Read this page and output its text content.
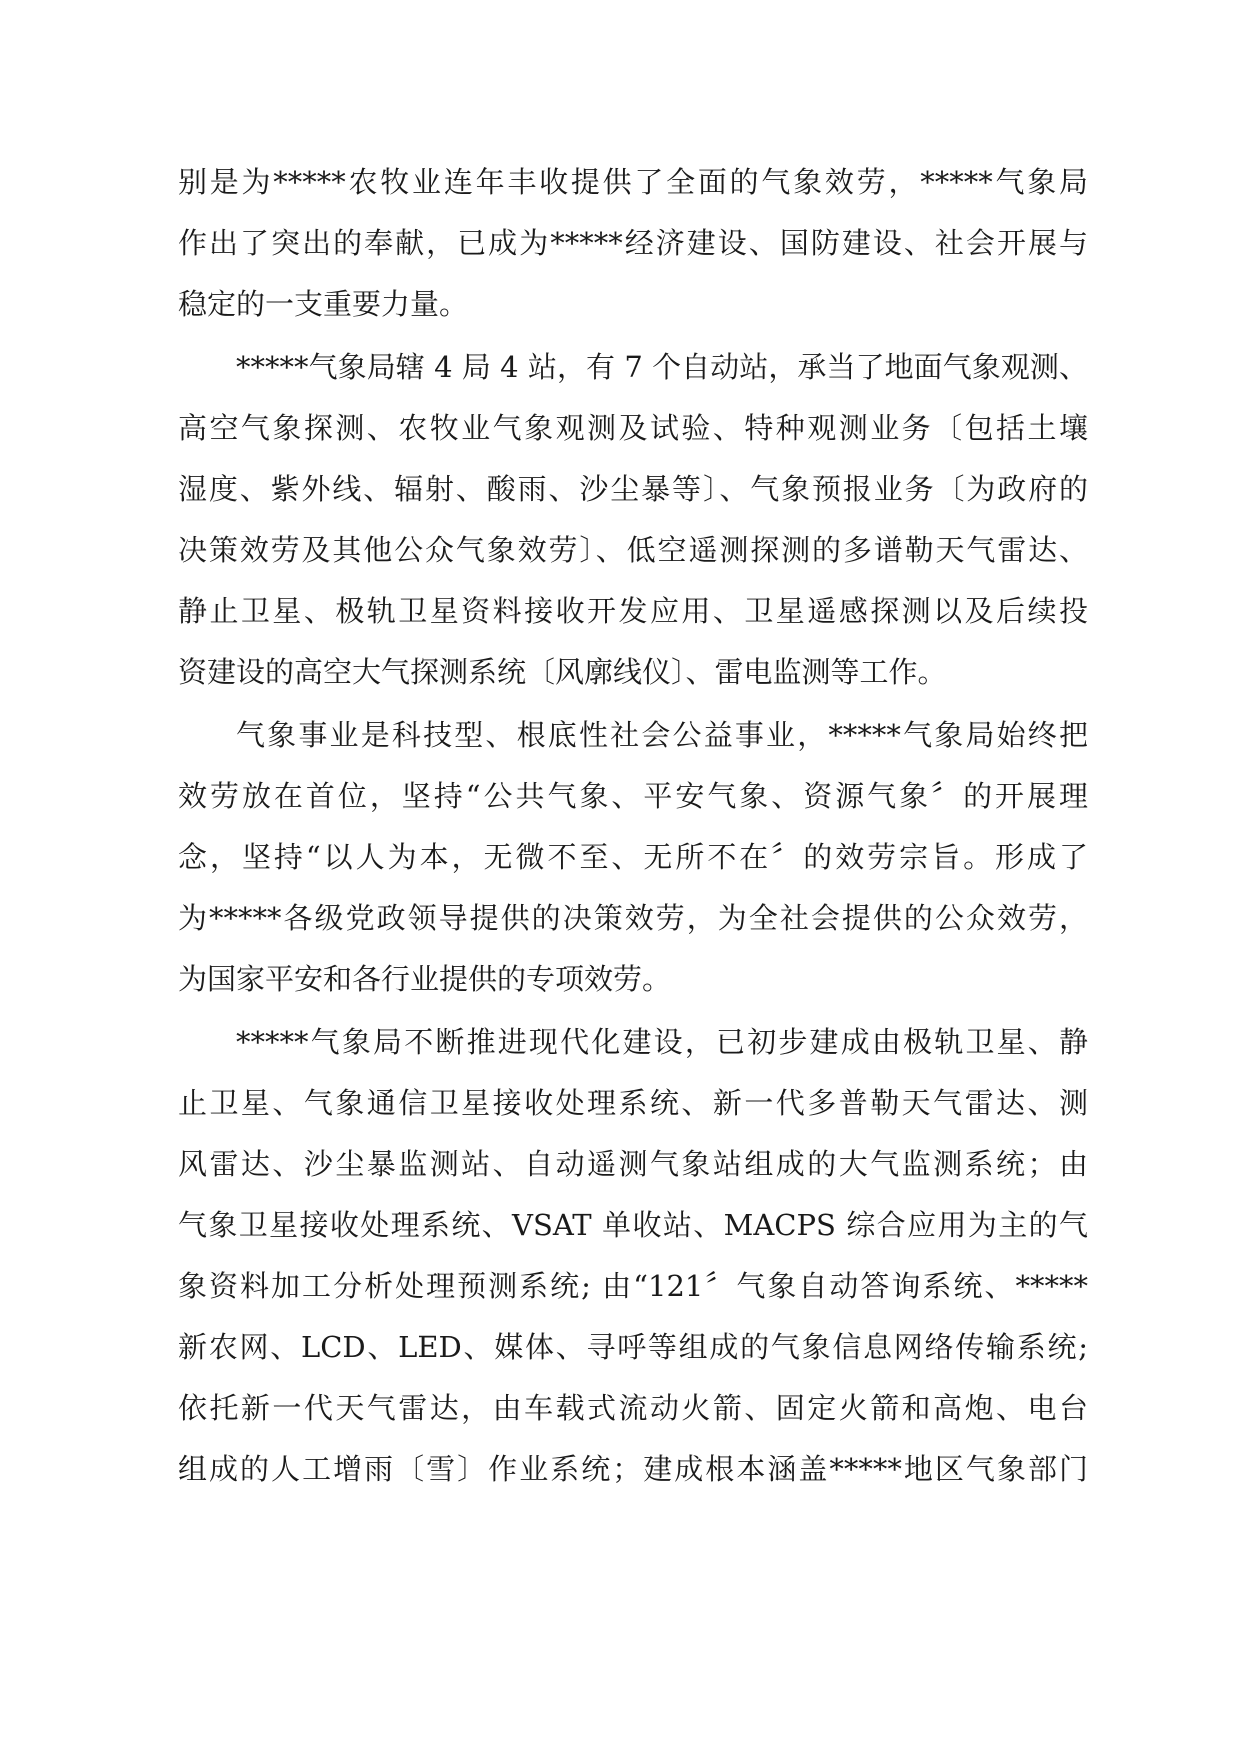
别是为*****农牧业连年丰收提供了全面的气象效劳，*****气象局
作出了突出的奉献，已成为*****经济建设、国防建设、社会开展与
稳定的一支重要力量。
*****气象局辖 4 局 4 站，有 7 个自动站，承当了地面气象观测、
高空气象探测、农牧业气象观测及试验、特种观测业务〔包括土壤
湿度、紫外线、辐射、酸雨、沙尘暴等〕、气象预报业务〔为政府的
决策效劳及其他公众气象效劳〕、低空遥测探测的多谱勒天气雷达、
静止卫星、极轨卫星资料接收开发应用、卫星遥感探测以及后续投
资建设的高空大气探测系统〔风廓线仪〕、雷电监测等工作。
气象事业是科技型、根底性社会公益事业，*****气象局始终把
效劳放在首位，坚持“公共气象、平安气象、资源气象〞的开展理
念，坚持“以人为本，无微不至、无所不在〞的效劳宗旨。形成了
为*****各级党政领导提供的决策效劳，为全社会提供的公众效劳，
为国家平安和各行业提供的专项效劳。
*****气象局不断推进现代化建设，已初步建成由极轨卫星、静
止卫星、气象通信卫星接收处理系统、新一代多普勒天气雷达、测
风雷达、沙尘暴监测站、自动遥测气象站组成的大气监测系统；由
气象卫星接收处理系统、VSAT 单收站、MACPS 综合应用为主的气
象资料加工分析处理预测系统; 由“121〞气象自动答询系统、*****
新农网、LCD、LED、媒体、寻呼等组成的气象信息网络传输系统;
依托新一代天气雷达，由车载式流动火箭、固定火箭和高炮、电台
组成的人工增雨〔雪〕作业系统；建成根本涵盖*****地区气象部门
